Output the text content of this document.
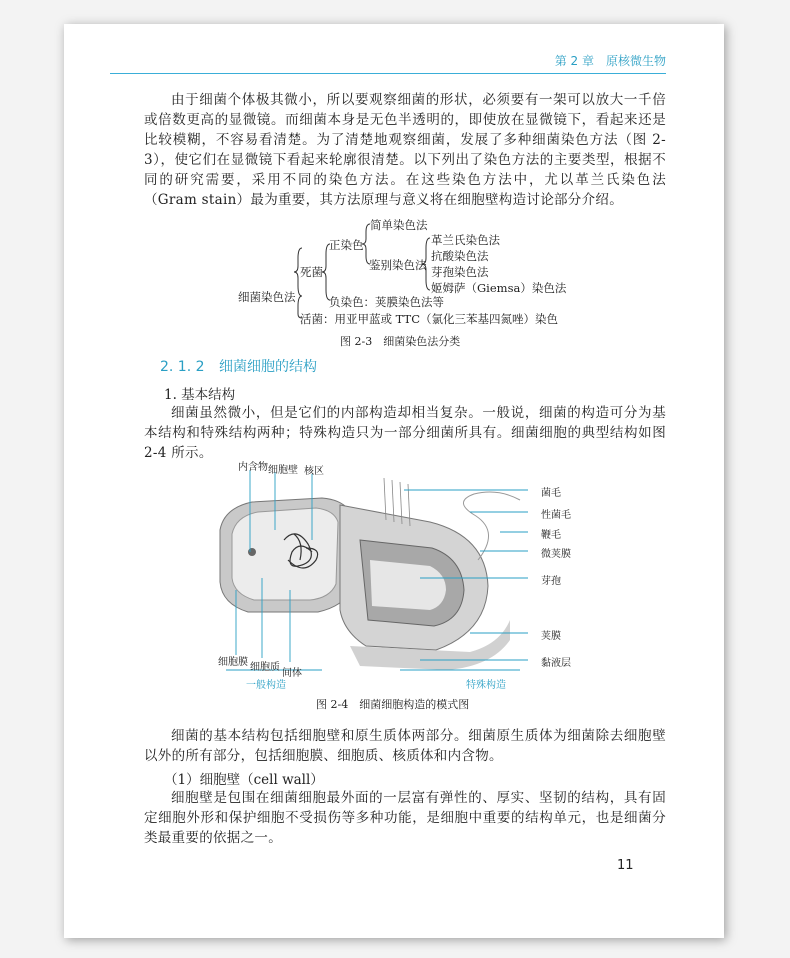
第 2 章　原核微生物

由于细菌个体极其微小，所以要观察细菌的形状，必须要有一架可以放大一千倍或倍数更高的显微镜。而细菌本身是无色半透明的，即使放在显微镜下，看起来还是比较模糊，不容易看清楚。为了清楚地观察细菌，发展了多种细菌染色方法（图 2-3），使它们在显微镜下看起来轮廓很清楚。以下列出了染色方法的主要类型，根据不同的研究需要，采用不同的染色方法。在这些染色方法中，尤以革兰氏染色法（Gram stain）最为重要，其方法原理与意义将在细胞壁构造讨论部分介绍。

细菌染色法
死菌
正染色
简单染色法
鉴别染色法
革兰氏染色法
抗酸染色法
芽孢染色法
姬姆萨（Giemsa）染色法
负染色：荚膜染色法等
活菌：用亚甲蓝或 TTC（氯化三苯基四氮唑）染色
图 2-3　细菌染色法分类
2. 1. 2 细菌细胞的结构
1. 基本结构

细菌虽然微小，但是它们的内部构造却相当复杂。一般说，细菌的构造可分为基本结构和特殊结构两种；特殊构造只为一部分细菌所具有。细菌细胞的典型结构如图 2-4 所示。

内含物 细胞壁 核区
菌毛
性菌毛
鞭毛
微荚膜
芽孢
荚膜
黏液层
细胞膜 细胞质
间体
一般构造	特殊构造
图 2-4　细菌细胞构造的模式图

细菌的基本结构包括细胞壁和原生质体两部分。细菌原生质体为细菌除去细胞壁以外的所有部分，包括细胞膜、细胞质、核质体和内含物。

（1）细胞壁（cell wall）

细胞壁是包围在细菌细胞最外面的一层富有弹性的、厚实、坚韧的结构，具有固定细胞外形和保护细胞不受损伤等多种功能，是细胞中重要的结构单元，也是细菌分类最重要的依据之一。

11
